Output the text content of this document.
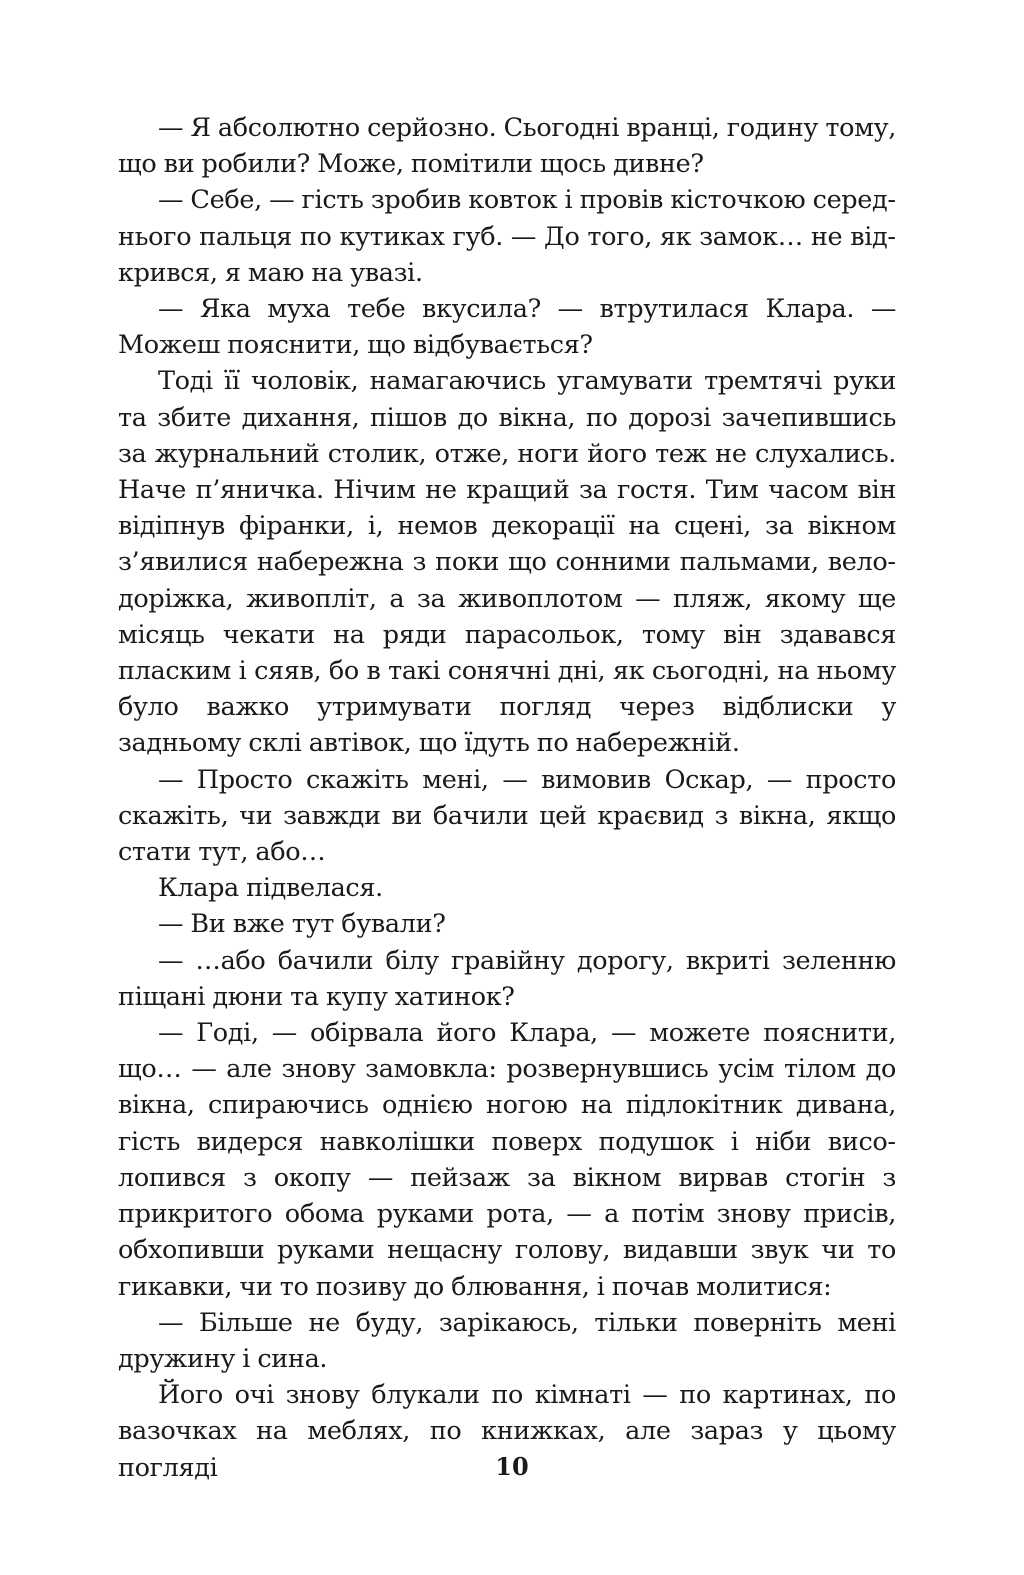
— Я абсолютно серйозно. Сьогодні вранці, годину тому, що ви робили? Може, помітили щось дивне?

— Себе, — гість зробив ковток і провів кісточкою середнього пальця по кутиках губ. — До того, як замок… не відкрився, я маю на увазі.

— Яка муха тебе вкусила? — втрутилася Клара. — Можеш пояснити, що відбувається?

Тоді її чоловік, намагаючись угамувати тремтячі руки та збите дихання, пішов до вікна, по дорозі зачепившись за журнальний столик, отже, ноги його теж не слухались. Наче п’яничка. Нічим не кращий за гостя. Тим часом він відіпнув фіранки, і, немов декорації на сцені, за вікном з’явилися набережна з поки що сонними пальмами, велодоріжка, живопліт, а за живоплотом — пляж, якому ще місяць чекати на ряди парасольок, тому він здавався пласким і сяяв, бо в такі сонячні дні, як сьогодні, на ньому було важко утримувати погляд через відблиски у задньому склі автівок, що їдуть по набережній.

— Просто скажіть мені, — вимовив Оскар, — просто скажіть, чи завжди ви бачили цей краєвид з вікна, якщо стати тут, або…

Клара підвелася.

— Ви вже тут бували?

— …або бачили білу гравійну дорогу, вкриті зеленню піщані дюни та купу хатинок?

— Годі, — обірвала його Клара, — можете пояснити, що… — але знову замовкла: розвернувшись усім тілом до вікна, спираючись однією ногою на підлокітник дивана, гість видерся навколішки поверх подушок і ніби висолопився з окопу — пейзаж за вікном вирвав стогін з прикритого обома руками рота, — а потім знову присів, обхопивши руками нещасну голову, видавши звук чи то гикавки, чи то позиву до блювання, і почав молитися:

— Більше не буду, зарікаюсь, тільки поверніть мені дружину і сина.

Його очі знову блукали по кімнаті — по картинах, по вазочках на меблях, по книжках, але зараз у цьому погляді	10
